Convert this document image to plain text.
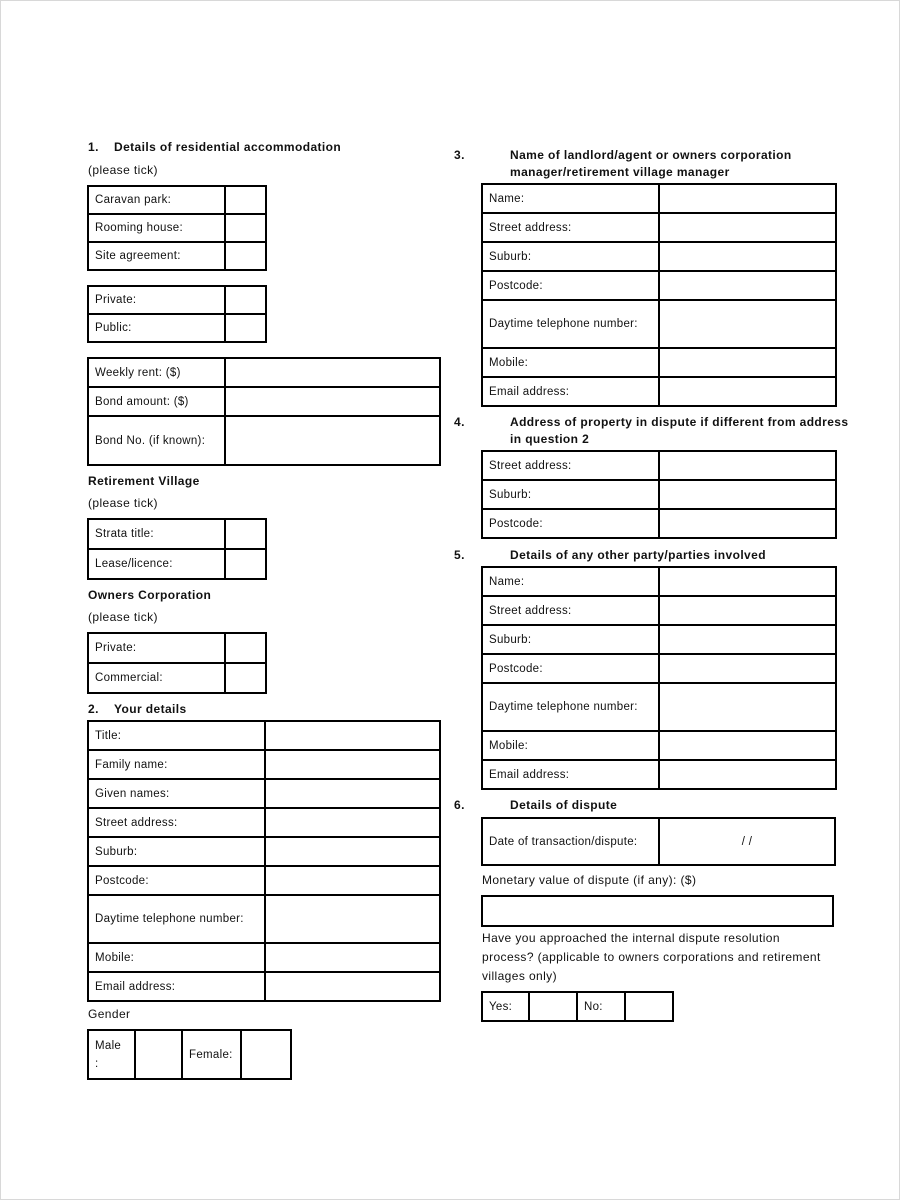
1. Details of residential accommodation
(please tick)
Caravan park:	
Rooming house:	
Site agreement:	
Private:	
Public:	
Weekly rent: ($)	
Bond amount: ($)	
Bond No. (if known):	
Retirement Village
(please tick)
Strata title:	
Lease/licence:	
Owners Corporation
(please tick)
Private:	
Commercial:	
2. Your details
Title:	
Family name:	
Given names:	
Street address:	
Suburb:	
Postcode:	
Daytime telephone number:	
Mobile:	
Email address:	
Gender
Male :		Female:	
3.	Name of landlord/agent or owners corporation manager/retirement village manager
Name:	
Street address:	
Suburb:	
Postcode:	
Daytime telephone number:	
Mobile:	
Email address:	
4.	Address of property in dispute if different from address in question 2
Street address:	
Suburb:	
Postcode:	
5.	Details of any other party/parties involved
Name:	
Street address:	
Suburb:	
Postcode:	
Daytime telephone number:	
Mobile:	
Email address:	
6.	Details of dispute
Date of transaction/dispute:	/ /
Monetary value of dispute (if any): ($)
Have you approached the internal dispute resolution process? (applicable to owners corporations and retirement villages only)
Yes:		No:	
